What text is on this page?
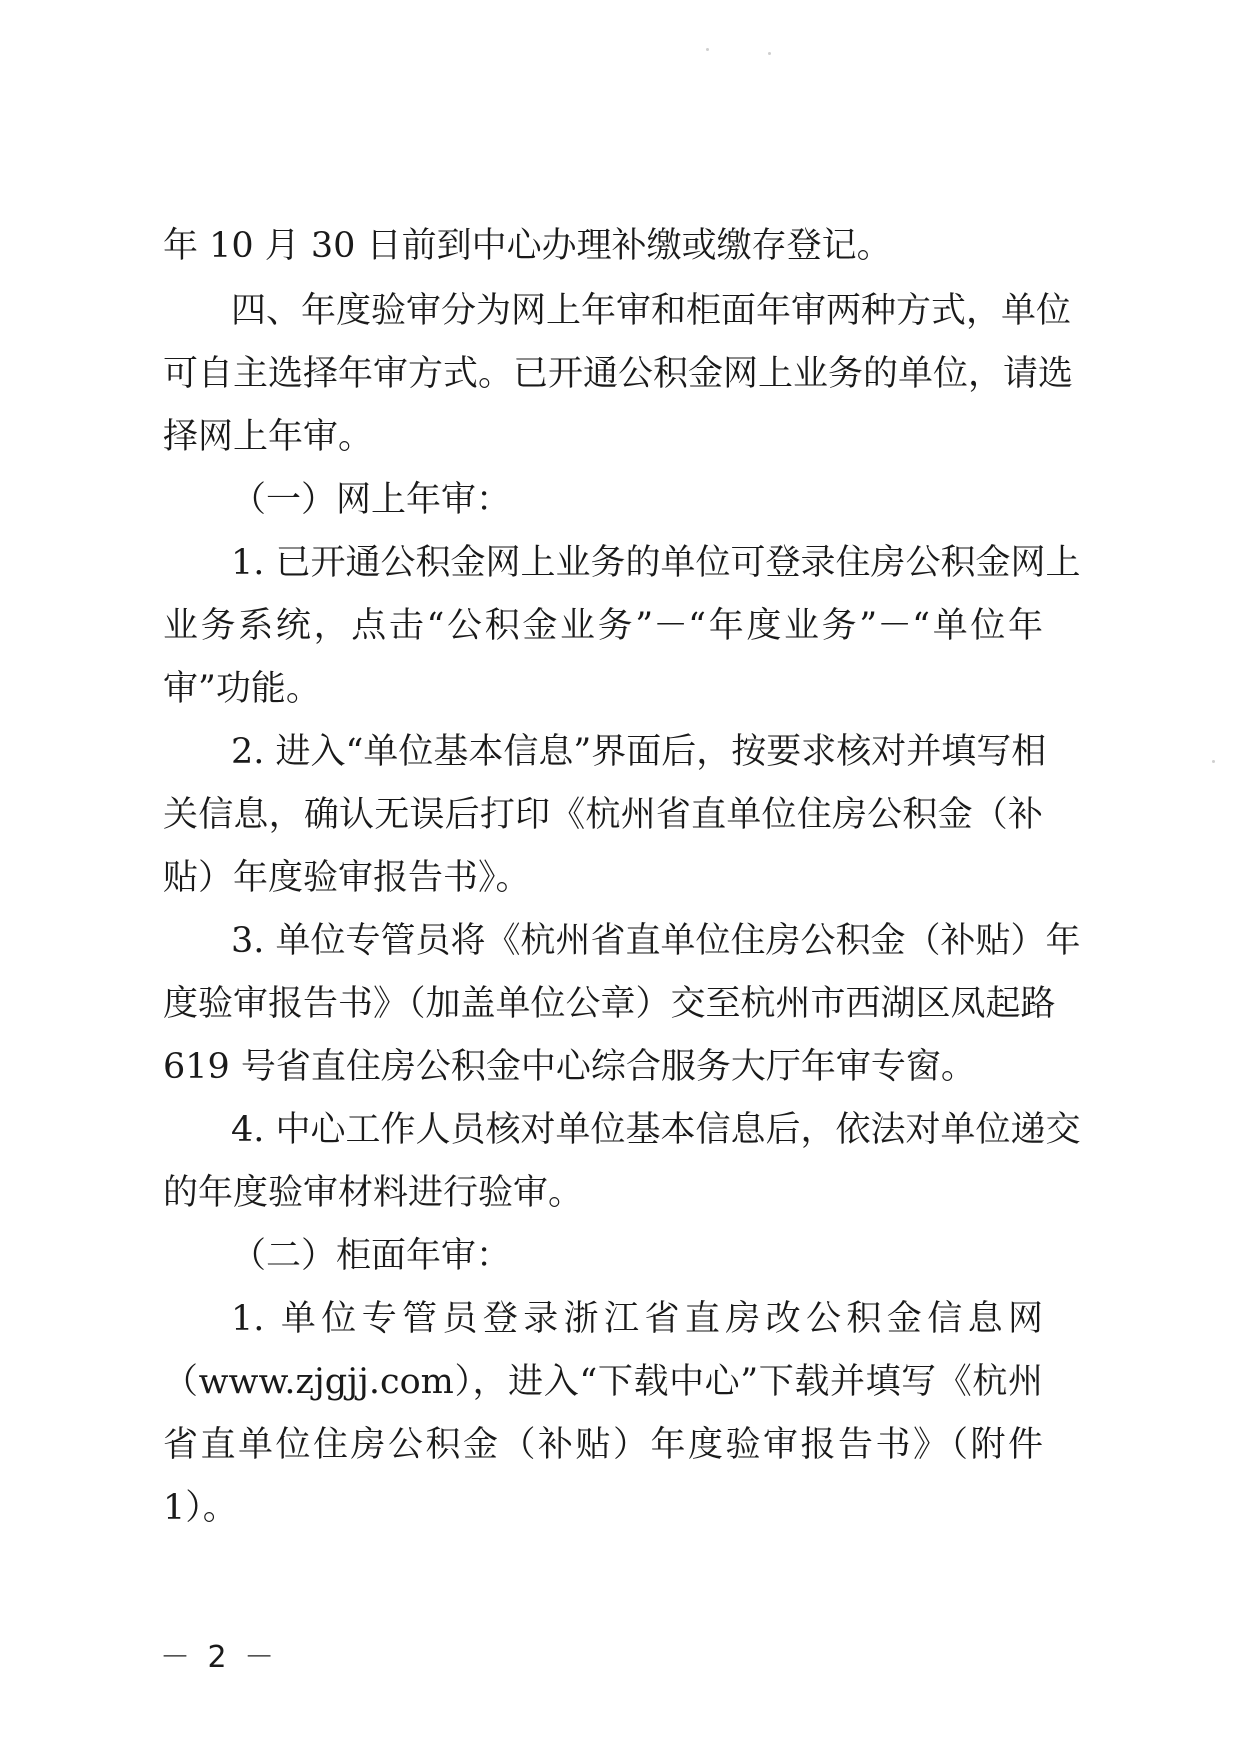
年 10 月 30 日前到中心办理补缴或缴存登记。
四、年度验审分为网上年审和柜面年审两种方式，单位
可自主选择年审方式。已开通公积金网上业务的单位，请选
择网上年审。
（一）网上年审：
1. 已开通公积金网上业务的单位可登录住房公积金网上
业务系统，点击“公积金业务”－“年度业务”－“单位年
审”功能。
2. 进入“单位基本信息”界面后，按要求核对并填写相
关信息，确认无误后打印《杭州省直单位住房公积金（补
贴）年度验审报告书》。
3. 单位专管员将《杭州省直单位住房公积金（补贴）年
度验审报告书》（加盖单位公章）交至杭州市西湖区凤起路
619 号省直住房公积金中心综合服务大厅年审专窗。
4. 中心工作人员核对单位基本信息后，依法对单位递交
的年度验审材料进行验审。
（二）柜面年审：
1. 单位专管员登录浙江省直房改公积金信息网
（www.zjgjj.com），进入“下载中心”下载并填写《杭州
省直单位住房公积金（补贴）年度验审报告书》（附件
1）。
－ 2 －
